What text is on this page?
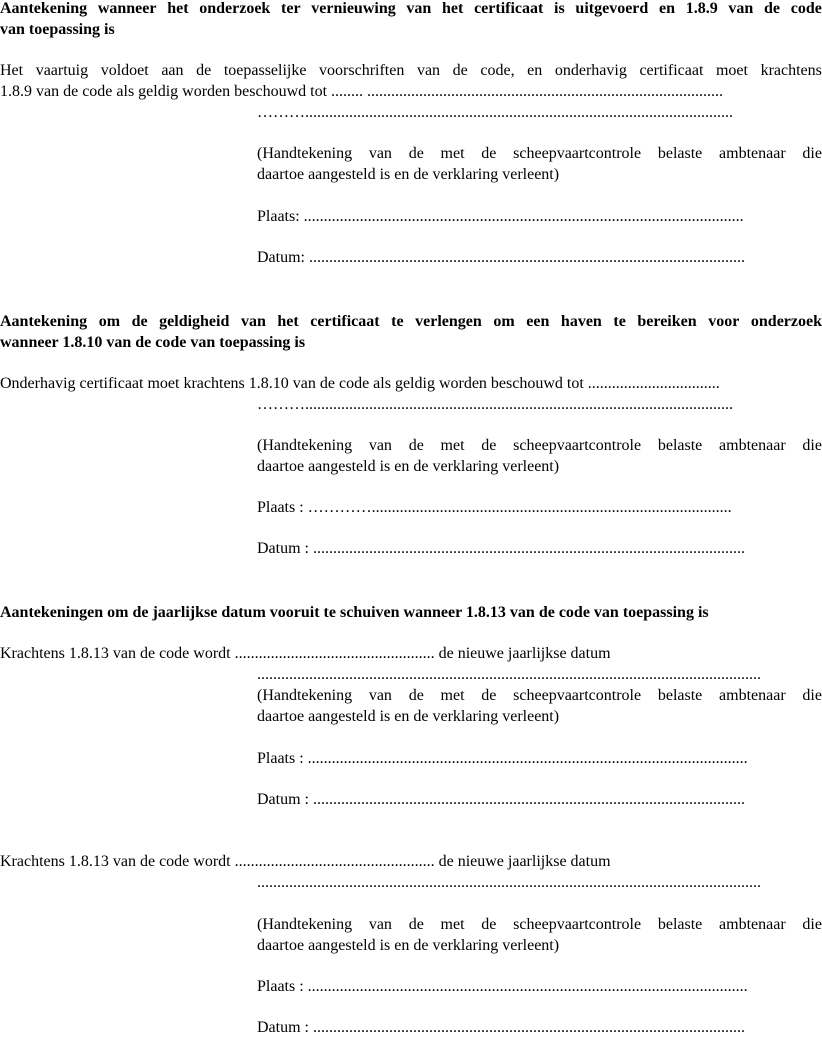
Aantekening wanneer het onderzoek ter vernieuwing van het certificaat is uitgevoerd en 1.8.9 van de code
van toepassing is
Het vaartuig voldoet aan de toepasselijke voorschriften van de code, en onderhavig certificaat moet krachtens
1.8.9 van de code als geldig worden beschouwd tot ........ .........................................................................................
………...........................................................................................................
(Handtekening van de met de scheepvaartcontrole belaste ambtenaar die
daartoe aangesteld is en de verklaring verleent)
Plaats: ..............................................................................................................
Datum: .............................................................................................................
Aantekening om de geldigheid van het certificaat te verlengen om een haven te bereiken voor onderzoek
wanneer 1.8.10 van de code van toepassing is
Onderhavig certificaat moet krachtens 1.8.10 van de code als geldig worden beschouwd tot .................................
………...........................................................................................................
(Handtekening van de met de scheepvaartcontrole belaste ambtenaar die
daartoe aangesteld is en de verklaring verleent)
Plaats : …………..........................................................................................
Datum : ............................................................................................................
Aantekeningen om de jaarlijkse datum vooruit te schuiven wanneer 1.8.13 van de code van toepassing is
Krachtens 1.8.13 van de code wordt .................................................. de nieuwe jaarlijkse datum
..............................................................................................................................
(Handtekening van de met de scheepvaartcontrole belaste ambtenaar die
daartoe aangesteld is en de verklaring verleent)
Plaats : ..............................................................................................................
Datum : ............................................................................................................
Krachtens 1.8.13 van de code wordt .................................................. de nieuwe jaarlijkse datum
..............................................................................................................................
(Handtekening van de met de scheepvaartcontrole belaste ambtenaar die
daartoe aangesteld is en de verklaring verleent)
Plaats : ..............................................................................................................
Datum : ............................................................................................................
